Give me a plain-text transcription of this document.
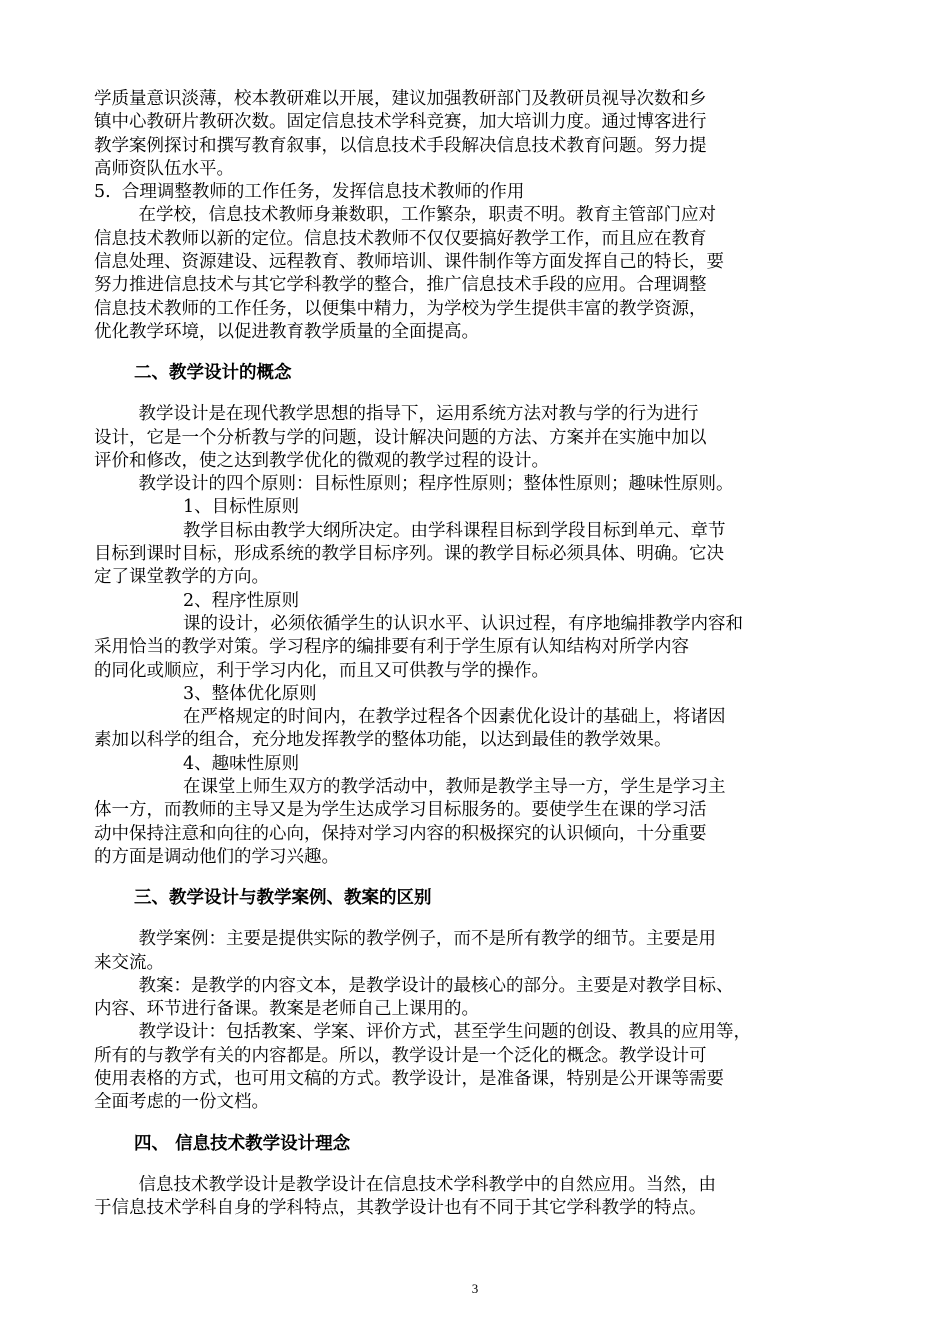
学质量意识淡薄，校本教研难以开展，建议加强教研部门及教研员视导次数和乡
镇中心教研片教研次数。固定信息技术学科竞赛，加大培训力度。通过博客进行
教学案例探讨和撰写教育叙事，以信息技术手段解决信息技术教育问题。努力提
高师资队伍水平。
5.  合理调整教师的工作任务，发挥信息技术教师的作用
在学校，信息技术教师身兼数职，工作繁杂，职责不明。教育主管部门应对
信息技术教师以新的定位。信息技术教师不仅仅要搞好教学工作，而且应在教育
信息处理、资源建设、远程教育、教师培训、课件制作等方面发挥自己的特长，要
努力推进信息技术与其它学科教学的整合，推广信息技术手段的应用。合理调整
信息技术教师的工作任务，以便集中精力，为学校为学生提供丰富的教学资源，
优化教学环境，以促进教育教学质量的全面提高。
二、教学设计的概念
教学设计是在现代教学思想的指导下，运用系统方法对教与学的行为进行
设计，它是一个分析教与学的问题，设计解决问题的方法、方案并在实施中加以
评价和修改，使之达到教学优化的微观的教学过程的设计。
教学设计的四个原则：目标性原则；程序性原则；整体性原则；趣味性原则。
1、目标性原则
教学目标由教学大纲所决定。由学科课程目标到学段目标到单元、章节
目标到课时目标，形成系统的教学目标序列。课的教学目标必须具体、明确。它决
定了课堂教学的方向。
2、程序性原则
课的设计，必须依循学生的认识水平、认识过程，有序地编排教学内容和
采用恰当的教学对策。学习程序的编排要有利于学生原有认知结构对所学内容
的同化或顺应，利于学习内化，而且又可供教与学的操作。
3、整体优化原则
在严格规定的时间内，在教学过程各个因素优化设计的基础上，将诸因
素加以科学的组合，充分地发挥教学的整体功能，以达到最佳的教学效果。
4、趣味性原则
在课堂上师生双方的教学活动中，教师是教学主导一方，学生是学习主
体一方，而教师的主导又是为学生达成学习目标服务的。要使学生在课的学习活
动中保持注意和向往的心向，保持对学习内容的积极探究的认识倾向，十分重要
的方面是调动他们的学习兴趣。
三、教学设计与教学案例、教案的区别
教学案例：主要是提供实际的教学例子，而不是所有教学的细节。主要是用
来交流。
教案：是教学的内容文本，是教学设计的最核心的部分。主要是对教学目标、
内容、环节进行备课。教案是老师自己上课用的。
教学设计：包括教案、学案、评价方式，甚至学生问题的创设、教具的应用等，
所有的与教学有关的内容都是。所以，教学设计是一个泛化的概念。教学设计可
使用表格的方式，也可用文稿的方式。教学设计，是准备课，特别是公开课等需要
全面考虑的一份文档。
四、 信息技术教学设计理念
信息技术教学设计是教学设计在信息技术学科教学中的自然应用。当然，由
于信息技术学科自身的学科特点，其教学设计也有不同于其它学科教学的特点。
3
